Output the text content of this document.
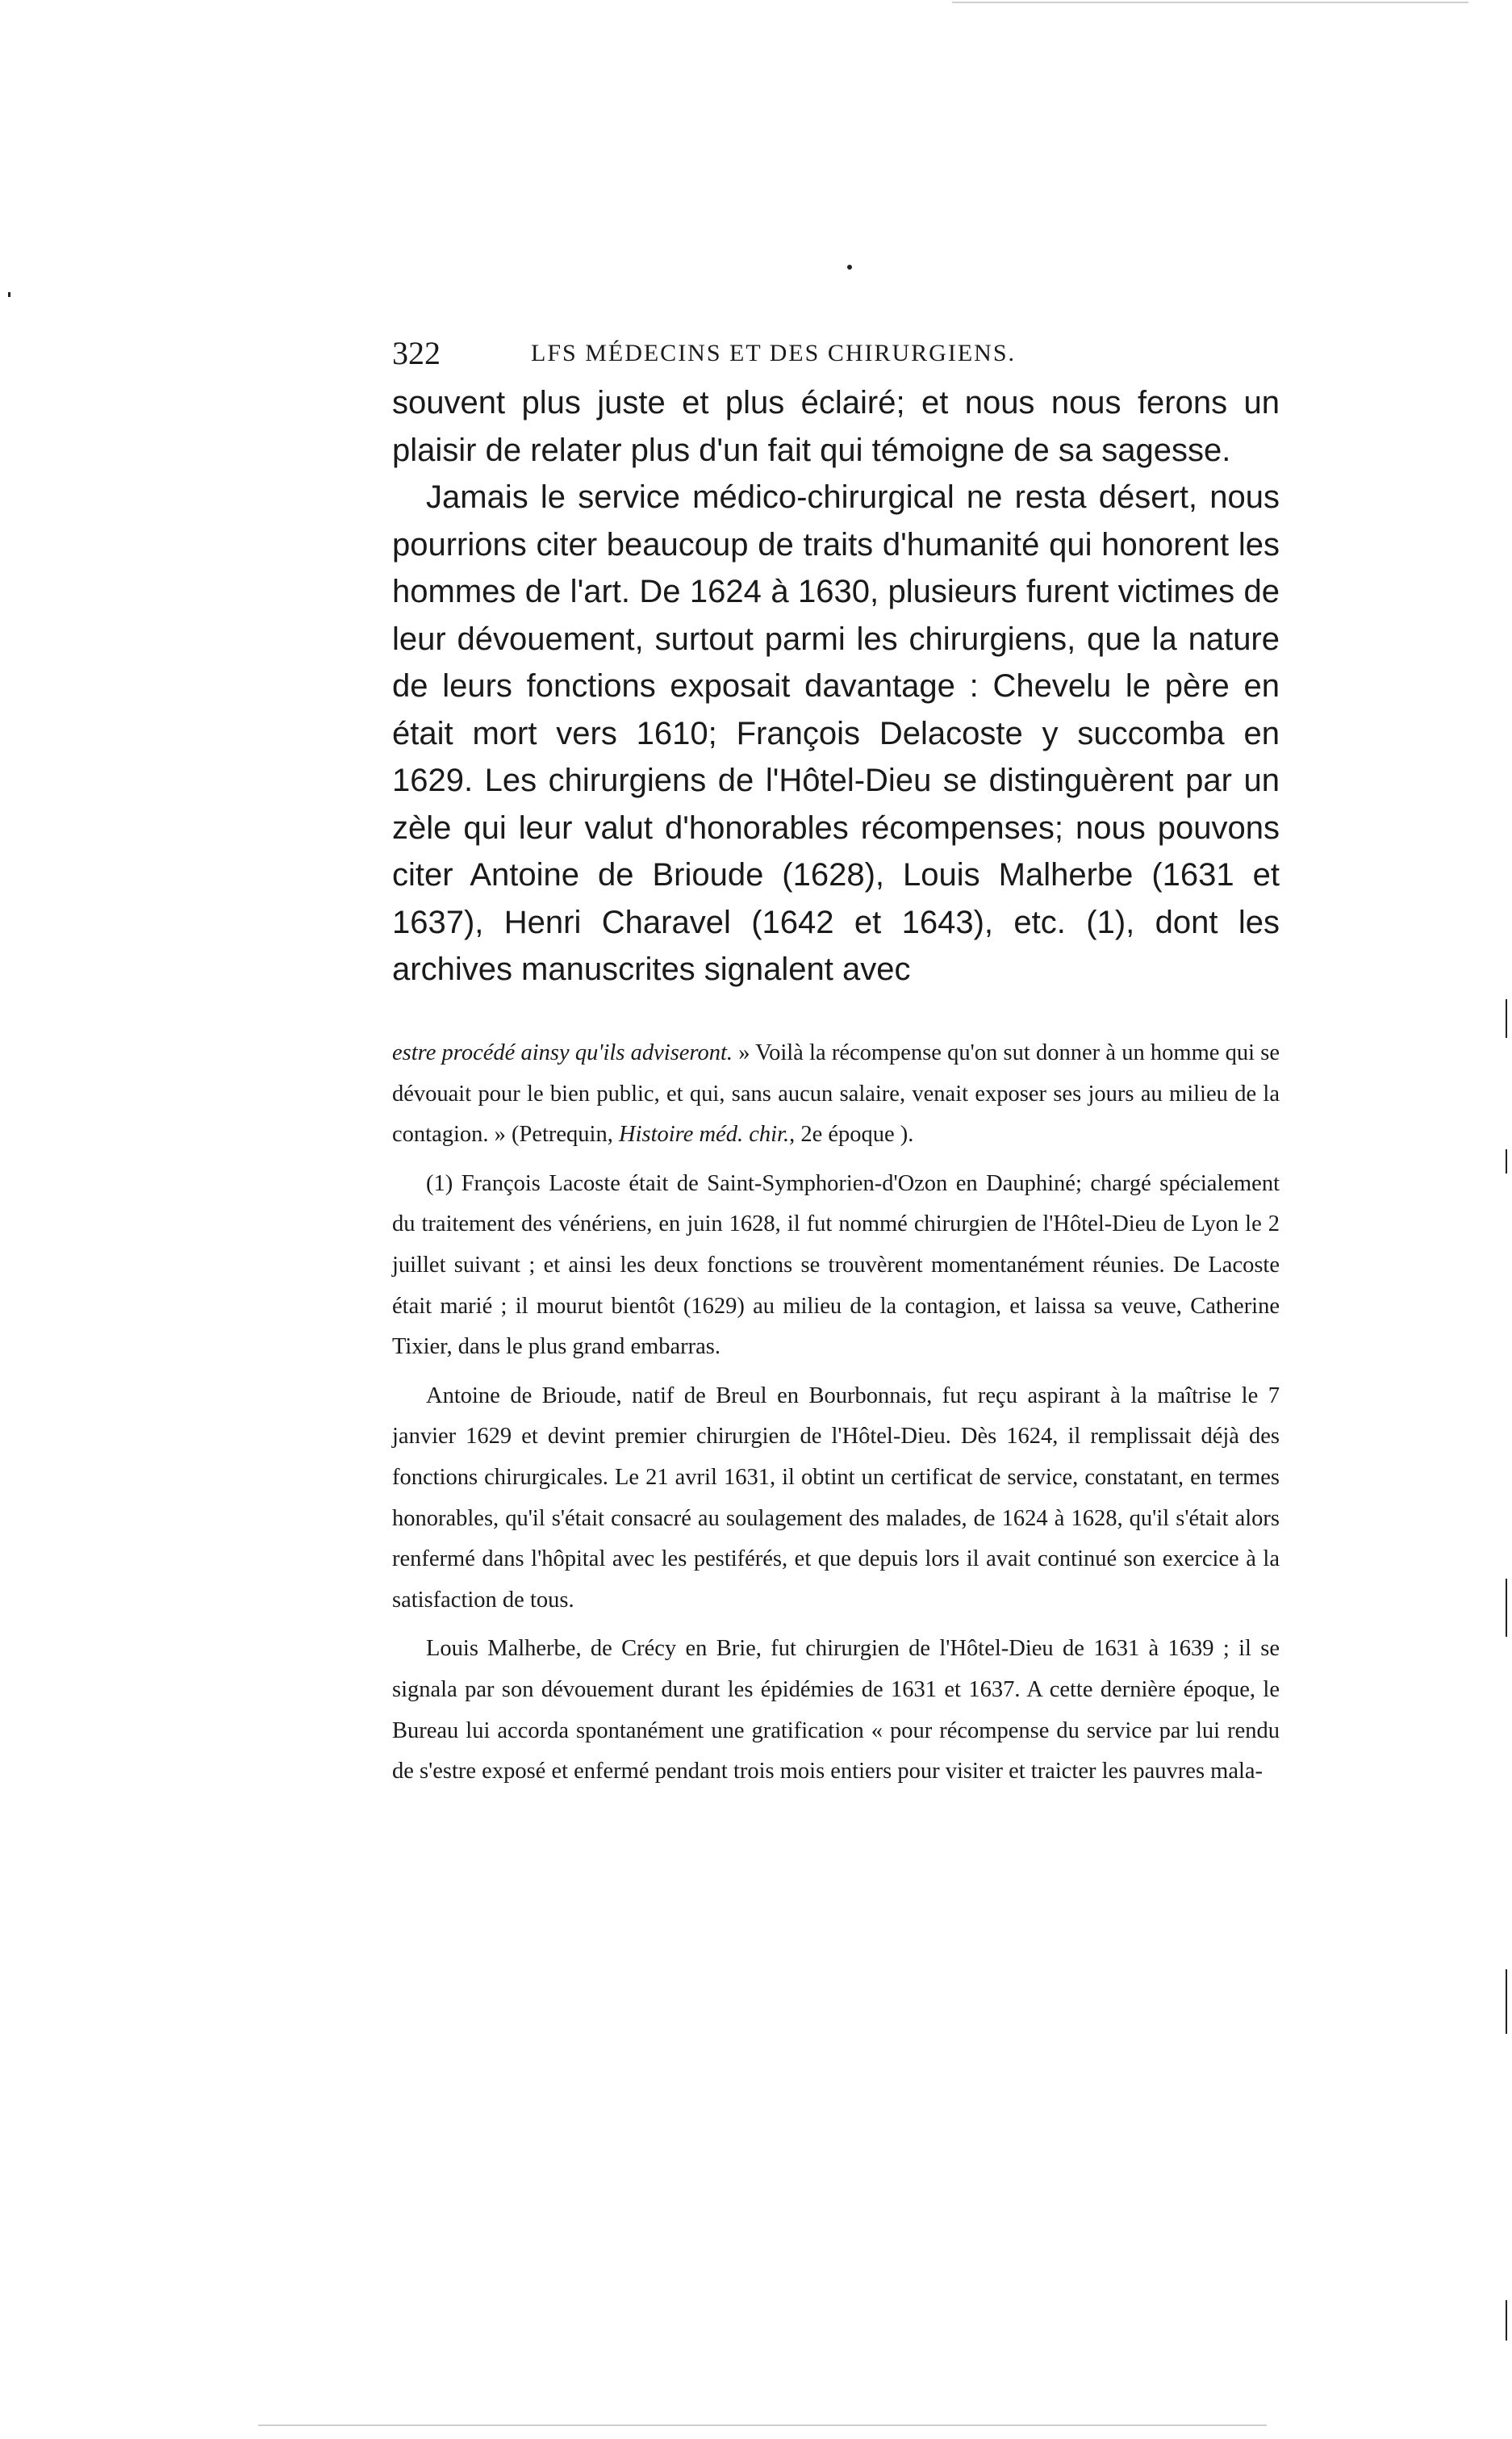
322	LFS MÉDECINS ET DES CHIRURGIENS.

souvent plus juste et plus éclairé; et nous nous ferons un plaisir de relater plus d'un fait qui témoigne de sa sagesse.

Jamais le service médico-chirurgical ne resta désert, nous pourrions citer beaucoup de traits d'humanité qui honorent les hommes de l'art. De 1624 à 1630, plusieurs furent victimes de leur dévouement, surtout parmi les chirurgiens, que la nature de leurs fonctions exposait davantage : Chevelu le père en était mort vers 1610; François Delacoste y succomba en 1629. Les chirurgiens de l'Hôtel-Dieu se distinguèrent par un zèle qui leur valut d'honorables récompenses; nous pouvons citer Antoine de Brioude (1628), Louis Malherbe (1631 et 1637), Henri Charavel (1642 et 1643), etc. (1), dont les archives manuscrites signalent avec

estre procédé ainsy qu'ils adviseront. » Voilà la récompense qu'on sut donner à un homme qui se dévouait pour le bien public, et qui, sans aucun salaire, venait exposer ses jours au milieu de la contagion. » (Petrequin, Histoire méd. chir., 2e époque ).

(1) François Lacoste était de Saint-Symphorien-d'Ozon en Dauphiné; chargé spécialement du traitement des vénériens, en juin 1628, il fut nommé chirurgien de l'Hôtel-Dieu de Lyon le 2 juillet suivant ; et ainsi les deux fonctions se trouvèrent momentanément réunies. De Lacoste était marié ; il mourut bientôt (1629) au milieu de la contagion, et laissa sa veuve, Catherine Tixier, dans le plus grand embarras.

Antoine de Brioude, natif de Breul en Bourbonnais, fut reçu aspirant à la maîtrise le 7 janvier 1629 et devint premier chirurgien de l'Hôtel-Dieu. Dès 1624, il remplissait déjà des fonctions chirurgicales. Le 21 avril 1631, il obtint un certificat de service, constatant, en termes honorables, qu'il s'était consacré au soulagement des malades, de 1624 à 1628, qu'il s'était alors renfermé dans l'hôpital avec les pestiférés, et que depuis lors il avait continué son exercice à la satisfaction de tous.

Louis Malherbe, de Crécy en Brie, fut chirurgien de l'Hôtel-Dieu de 1631 à 1639 ; il se signala par son dévouement durant les épidémies de 1631 et 1637. A cette dernière époque, le Bureau lui accorda spontanément une gratification « pour récompense du service par lui rendu de s'estre exposé et enfermé pendant trois mois entiers pour visiter et traicter les pauvres mala-
